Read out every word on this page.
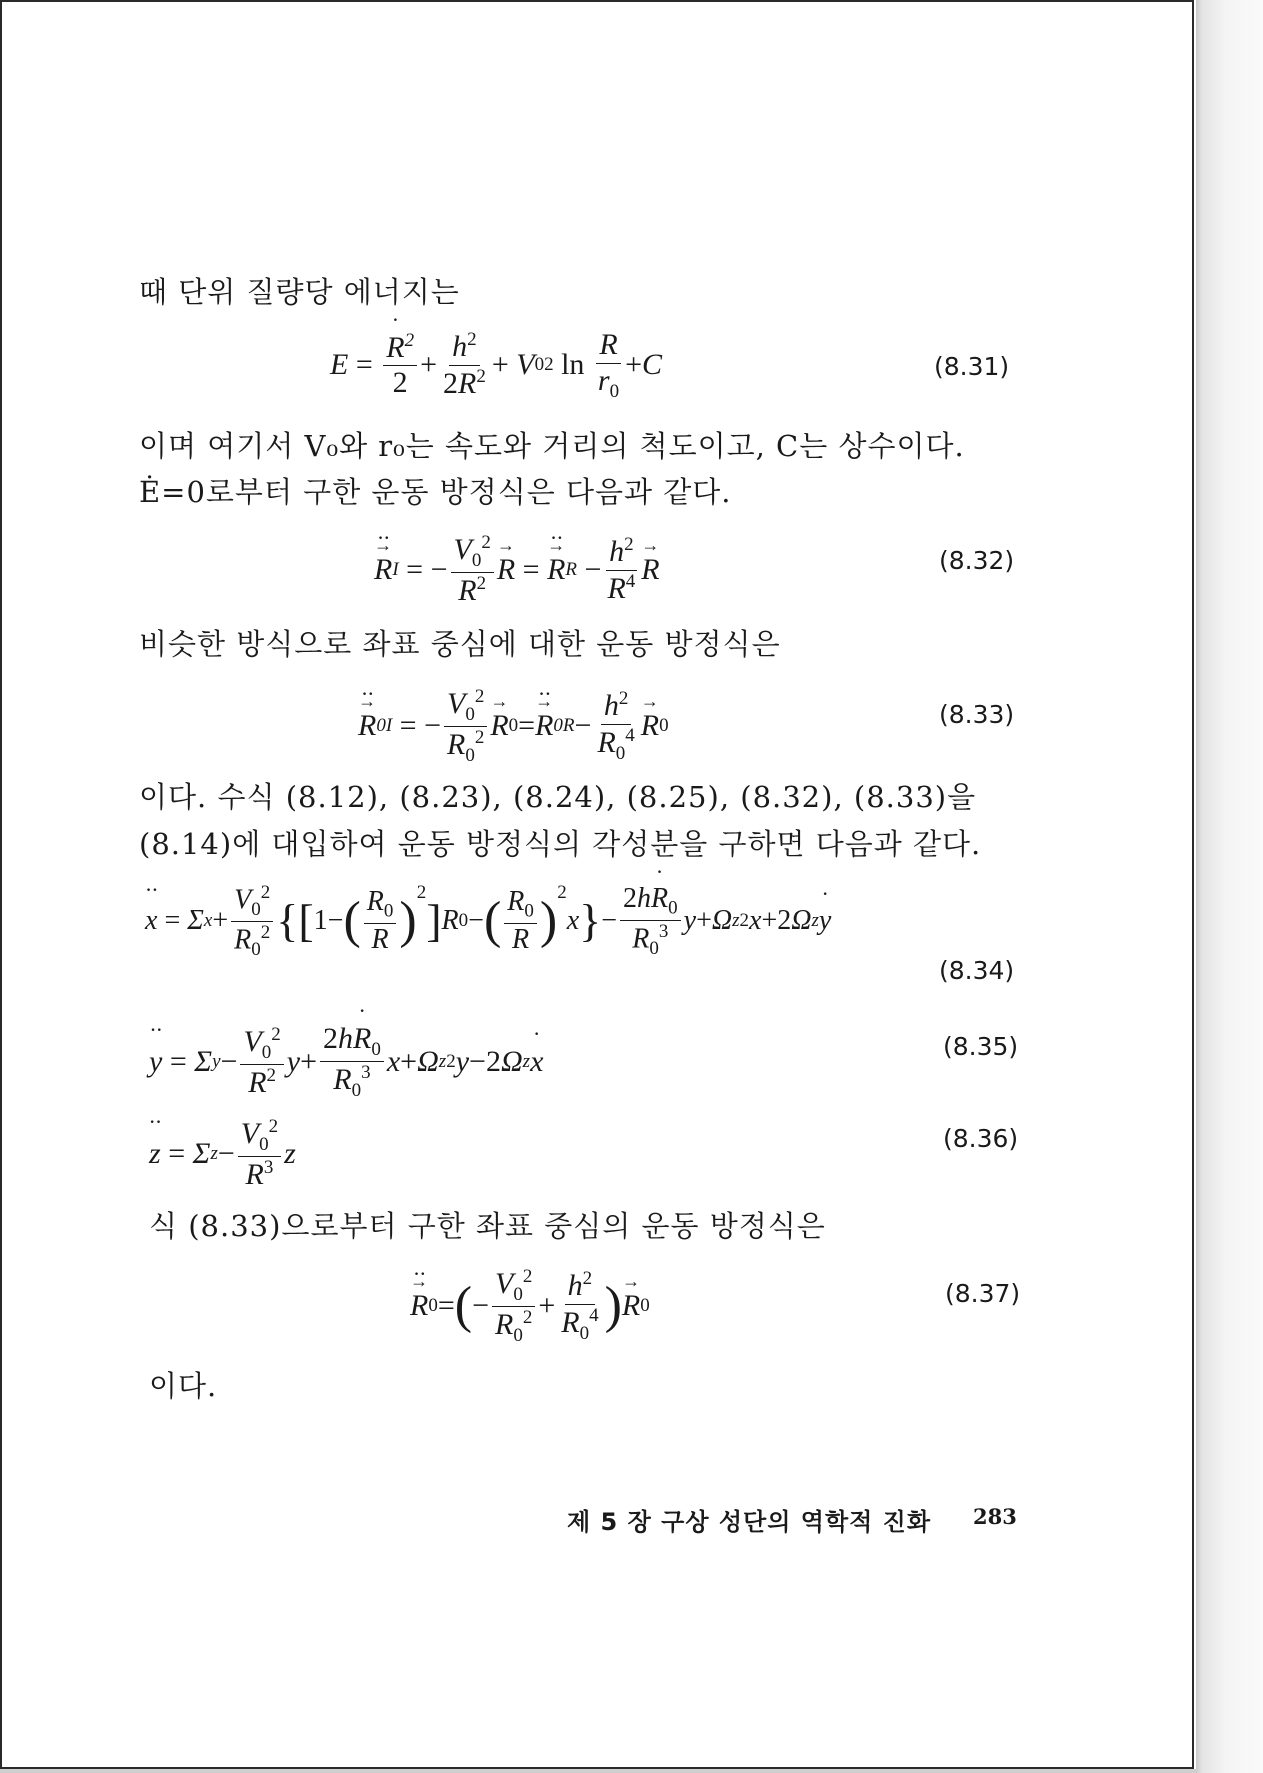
때 단위 질량당 에너지는
$E = \frac{R \cdot^2}{2} + \frac{h^2}{2R^2} + V$ 0 2 $\ln \frac{R}{r_0} + C$	(8.31)
이며 여기서 V₀와 r₀는 속도와 거리의 척도이고, C는 상수이다.
Ė=0로부터 구한 운동 방정식은 다음과 같다.
→ R ·· I = − $\frac{V_0^2}{R^2}$
→ R =
→ $R \cdot\cdot R - \frac{h^2}{R^4}$
→ R	(8.32)
비슷한 방식으로 좌표 중심에 대한 운동 방정식은
→ R ·· 0I = − $\frac{V_0^2}{R_0^2}$
→ R 0 =
→ $R \cdot\cdot 0R - \frac{h^2}{R_0^4}$
→ R 0	(8.33)
이다. 수식 (8.12), (8.23), (8.24), (8.25), (8.32), (8.33)을
(8.14)에 대입하여 운동 방정식의 각성분을 구하면 다음과 같다.
x ·· = Σ $x + \frac{V_0^2}{R_0^2}$ { [ 1− ( $\frac{R_0}{R} )^2$
] R 0 − ( $\frac{R_0}{R} )^2$
x } − $\frac{2hR \cdot_0}{R_0^3}$ y + Ω z 2 x +2 Ω z y ·
(8.34)
y ·· = Σ $y - \frac{V_0^2}{R^2}$ $y + \frac{2hR \cdot_0}{R_0^3}$ x + Ω z 2 y −2 Ω z x ·	(8.35)
z ·· = Σ $z - \frac{V_0^2}{R^3}$ z	(8.36)
식 (8.33)으로부터 구한 좌표 중심의 운동 방정식은
→ R ·· 0 = ( − $\frac{V_0^2}{R_0^2} + \frac{h^2}{R_0^4}$ )
→ R 0	(8.37)
이다.
제 5 장 구상 성단의 역학적 진화 283
